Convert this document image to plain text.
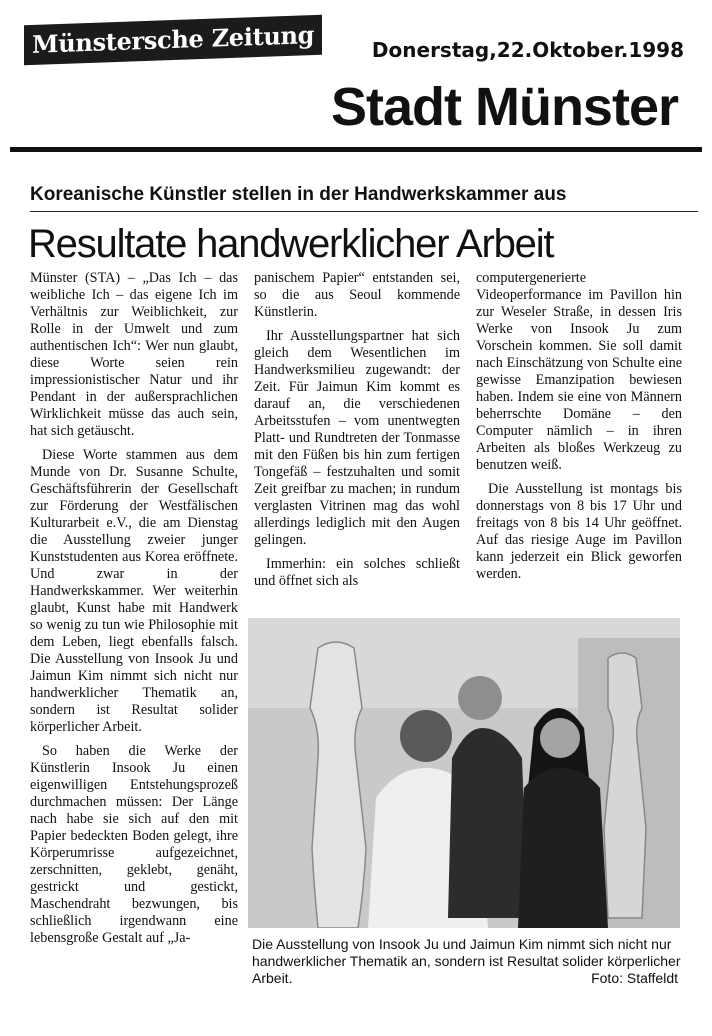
Münstersche Zeitung	Donerstag,22.Oktober.1998
Stadt Münster
Koreanische Künstler stellen in der Handwerkskammer aus
Resultate handwerklicher Arbeit

Münster (STA) – „Das Ich – das weibliche Ich – das eigene Ich im Verhältnis zur Weiblichkeit, zur Rolle in der Umwelt und zum authentischen Ich“: Wer nun glaubt, diese Worte seien rein impressionistischer Natur und ihr Pendant in der außersprachlichen Wirklichkeit müsse das auch sein, hat sich getäuscht.

Diese Worte stammen aus dem Munde von Dr. Susanne Schulte, Geschäftsführerin der Gesellschaft zur Förderung der Westfälischen Kulturarbeit e.V., die am Dienstag die Ausstellung zweier junger Kunststudenten aus Korea eröffnete. Und zwar in der Handwerkskammer. Wer weiterhin glaubt, Kunst habe mit Handwerk so wenig zu tun wie Philosophie mit dem Leben, liegt ebenfalls falsch. Die Ausstellung von Insook Ju und Jaimun Kim nimmt sich nicht nur handwerklicher Thematik an, sondern ist Resultat solider körperlicher Arbeit.

So haben die Werke der Künstlerin Insook Ju einen eigenwilligen Entstehungsprozeß durchmachen müssen: Der Länge nach habe sie sich auf den mit Papier bedeckten Boden gelegt, ihre Körperumrisse aufgezeichnet, zerschnitten, geklebt, genäht, gestrickt und gestickt, Maschendraht bezwungen, bis schließlich irgendwann eine lebensgroße Gestalt auf „Ja-

panischem Papier“ entstanden sei, so die aus Seoul kommende Künstlerin.

Ihr Ausstellungspartner hat sich gleich dem Wesentlichen im Handwerksmilieu zugewandt: der Zeit. Für Jaimun Kim kommt es darauf an, die verschiedenen Arbeitsstufen – vom unentwegten Platt- und Rundtreten der Tonmasse mit den Füßen bis hin zum fertigen Tongefäß – festzuhalten und somit Zeit greifbar zu machen; in rundum verglasten Vitrinen mag das wohl allerdings lediglich mit den Augen gelingen.

Immerhin: ein solches schließt und öffnet sich als

computergenerierte Videoperformance im Pavillon hin zur Weseler Straße, in dessen Iris Werke von Insook Ju zum Vorschein kommen. Sie soll damit nach Einschätzung von Schulte eine gewisse Emanzipation bewiesen haben. Indem sie eine von Männern beherrschte Domäne – den Computer nämlich – in ihren Arbeiten als bloßes Werkzeug zu benutzen weiß.

Die Ausstellung ist montags bis donnerstags von 8 bis 17 Uhr und freitags von 8 bis 14 Uhr geöffnet. Auf das riesige Auge im Pavillon kann jederzeit ein Blick geworfen werden.

Die Ausstellung von Insook Ju und Jaimun Kim nimmt sich nicht nur handwerklicher Thematik an, sondern ist Resultat solider körperlicher Arbeit.	Foto: Staffeldt
